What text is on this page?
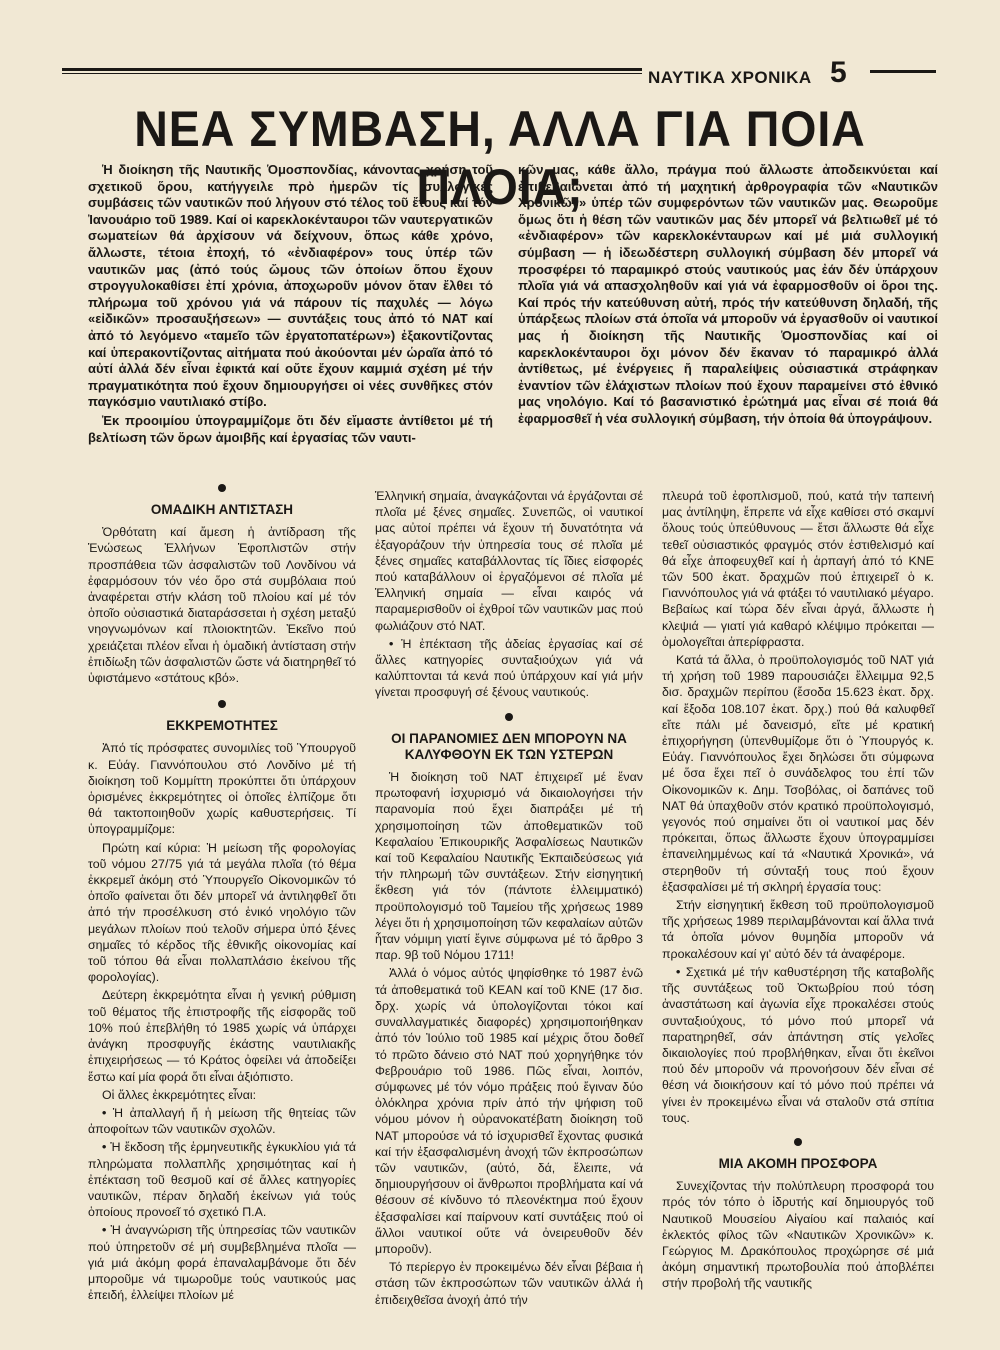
ΝΑΥΤΙΚΑ ΧΡΟΝΙΚΑ 5
ΝΕΑ ΣΥΜΒΑΣΗ, ΑΛΛΑ ΓΙΑ ΠΟΙΑ ΠΛΟΙΑ;

Ἡ διοίκηση τῆς Ναυτικῆς Ὁμοσπονδίας, κάνοντας χρήση τοῦ σχετικοῦ ὅρου, κατήγγειλε πρὸ ἡμερῶν τίς συλλογικές συμβάσεις τῶν ναυτικῶν πού λήγουν στό τέλος τοῦ ἔτους καί τόν Ἰανουάριο τοῦ 1989. Καί οἱ καρεκλοκένταυροι τῶν ναυτεργατικῶν σωματείων θά ἀρχίσουν νά δείχνουν, ὅπως κάθε χρόνο, ἄλλωστε, τέτοια ἐποχή, τό «ἐνδιαφέρον» τους ὑπέρ τῶν ναυτικῶν μας (ἀπό τούς ὤμους τῶν ὁποίων ὅπου ἔχουν στρογγυλοκαθίσει ἐπί χρόνια, ἀποχωροῦν μόνον ὅταν ἔλθει τό πλήρωμα τοῦ χρόνου γιά νά πάρουν τίς παχυλές — λόγω «εἰδικῶν» προσαυξήσεων» — συντάξεις τους ἀπό τό ΝΑΤ καί ἀπό τό λεγόμενο «ταμεῖο τῶν ἐργατοπατέρων») ἐξακοντίζοντας καί ὑπερακοντίζοντας αἰτήματα πού ἀκούονται μέν ὡραῖα ἀπό τό αὐτί ἀλλά δέν εἶναι ἐφικτά καί οὔτε ἔχουν καμμιά σχέση μέ τήν πραγματικότητα πού ἔχουν δημιουργήσει οἱ νέες συνθῆκες στόν παγκόσμιο ναυτιλιακό στίβο.

Ἐκ προοιμίου ὑπογραμμίζομε ὅτι δέν εἴμαστε ἀντίθετοι μέ τή βελτίωση τῶν ὅρων ἀμοιβῆς καί ἐργασίας τῶν ναυτι-

κῶν μας, κάθε ἄλλο, πράγμα πού ἄλλωστε ἀποδεικνύεται καί ἐπιβεβαιώνεται ἀπό τή μαχητική ἀρθρογραφία τῶν «Ναυτικῶν Χρονικῶν» ὑπέρ τῶν συμφερόντων τῶν ναυτικῶν μας. Θεωροῦμε ὅμως ὅτι ἡ θέση τῶν ναυτικῶν μας δέν μπορεῖ νά βελτιωθεῖ μέ τό «ἐνδιαφέρον» τῶν καρεκλοκένταυρων καί μέ μιά συλλογική σύμβαση — ἡ ἰδεωδέστερη συλλογική σύμβαση δέν μπορεῖ νά προσφέρει τό παραμικρό στούς ναυτικούς μας ἐάν δέν ὑπάρχουν πλοῖα γιά νά απασχοληθοῦν καί γιά νά ἐφαρμοσθοῦν οἱ ὅροι της. Καί πρός τήν κατεύθυνση αὐτή, πρός τήν κατεύθυνση δηλαδή, τῆς ὑπάρξεως πλοίων στά ὁποῖα νά μποροῦν νά ἐργασθοῦν οἱ ναυτικοί μας ἡ διοίκηση τῆς Ναυτικῆς Ὁμοσπονδίας καί οἱ καρεκλοκένταυροι ὄχι μόνον δέν ἔκαναν τό παραμικρό ἀλλά ἀντίθετως, μέ ἐνέργειες ἤ παραλείψεις οὐσιαστικά στράφηκαν ἐναντίον τῶν ἐλάχιστων πλοίων πού ἔχουν παραμείνει στό ἐθνικό μας νηολόγιο. Καί τό βασανιστικό ἐρώτημά μας εἶναι σέ ποιά θά ἐφαρμοσθεῖ ἡ νέα συλλογική σύμβαση, τήν ὁποία θά ὑπογράψουν.

ΟΜΑΔΙΚΗ ΑΝΤΙΣΤΑΣΗ

Ὀρθότατη καί ἄμεση ἡ ἀντίδραση τῆς Ἑνώσεως Ἑλλήνων Ἐφοπλιστῶν στήν προσπάθεια τῶν ἀσφαλιστῶν τοῦ Λονδίνου νά ἐφαρμόσουν τόν νέο ὅρο στά συμβόλαια πού ἀναφέρεται στήν κλάση τοῦ πλοίου καί μέ τόν ὁποῖο οὐσιαστικά διαταράσσεται ἡ σχέση μεταξύ νηογνωμόνων καί πλοιοκτητῶν. Ἐκεῖνο πού χρειάζεται πλέον εἶναι ἡ ὁμαδική ἀντίσταση στήν ἐπιδίωξη τῶν ἀσφαλιστῶν ὥστε νά διατηρηθεῖ τό ὑφιστάμενο «στάτους κβό».

ΕΚΚΡΕΜΟΤΗΤΕΣ

Ἀπό τίς πρόσφατες συνομιλίες τοῦ Ὑπουργοῦ κ. Εὐάγ. Γιαννόπουλου στό Λονδίνο μέ τή διοίκηση τοῦ Κομμίττη προκύπτει ὅτι ὑπάρχουν ὁρισμένες ἐκκρεμότητες οἱ ὁποῖες ἐλπίζομε ὅτι θά τακτοποιηθοῦν χωρίς καθυστερήσεις. Τί ὑπογραμμίζομε:

Πρώτη καί κύρια: Ἡ μείωση τῆς φορολογίας τοῦ νόμου 27/75 γιά τά μεγάλα πλοῖα (τό θέμα ἐκκρεμεῖ ἀκόμη στό Ὑπουργεῖο Οἰκονομικῶν τό ὁποῖο φαίνεται ὅτι δέν μπορεῖ νά ἀντιληφθεῖ ὅτι ἀπό τήν προσέλκυση στό ἑνικό νηολόγιο τῶν μεγάλων πλοίων πού τελοῦν σήμερα ὑπό ξένες σημαῖες τό κέρδος τῆς ἐθνικῆς οἰκονομίας καί τοῦ τόπου θά εἶναι πολλαπλάσιο ἐκείνου τῆς φορολογίας).

Δεύτερη ἐκκρεμότητα εἶναι ἡ γενική ρύθμιση τοῦ θέματος τῆς ἐπιστροφῆς τῆς εἰσφορᾶς τοῦ 10% πού ἐπεβλήθη τό 1985 χωρίς νά ὑπάρχει ἀνάγκη προσφυγῆς ἑκάστης ναυτιλιακῆς ἐπιχειρήσεως — τό Κράτος ὀφείλει νά ἀποδείξει ἔστω καί μία φορά ὅτι εἶναι ἀξιόπιστο.

Οἱ ἄλλες ἐκκρεμότητες εἶναι:

• Ἡ ἀπαλλαγή ἤ ἡ μείωση τῆς θητείας τῶν ἀποφοίτων τῶν ναυτικῶν σχολῶν.

• Ἡ ἔκδοση τῆς ἑρμηνευτικῆς ἐγκυκλίου γιά τά πληρώματα πολλαπλῆς χρησιμότητας καί ἡ ἐπέκταση τοῦ θεσμοῦ καί σέ ἄλλες κατηγορίες ναυτικῶν, πέραν δηλαδή ἐκείνων γιά τούς ὁποίους προνοεῖ τό σχετικό Π.Α.

• Ἡ ἀναγνώριση τῆς ὑπηρεσίας τῶν ναυτικῶν πού ὑπηρετοῦν σέ μή συμβεβλημένα πλοῖα — γιά μιά ἀκόμη φορά ἐπαναλαμβάνομε ὅτι δέν μποροῦμε νά τιμωροῦμε τούς ναυτικούς μας ἐπειδή, ἐλλείψει πλοίων μέ

Ἑλληνική σημαία, ἀναγκάζονται νά ἐργάζονται σέ πλοῖα μέ ξένες σημαῖες. Συνεπῶς, οἱ ναυτικοί μας αὐτοί πρέπει νά ἔχουν τή δυνατότητα νά ἐξαγοράζουν τήν ὑπηρεσία τους σέ πλοῖα μέ ξένες σημαῖες καταβάλλοντας τίς ἴδιες εἰσφορές πού καταβάλλουν οἱ ἐργαζόμενοι σέ πλοῖα μέ Ἑλληνική σημαία — εἶναι καιρός νά παραμερισθοῦν οἱ ἐχθροί τῶν ναυτικῶν μας πού φωλιάζουν στό ΝΑΤ.

• Ἡ ἐπέκταση τῆς ἀδείας ἐργασίας καί σέ ἄλλες κατηγορίες συνταξιούχων γιά νά καλύπτονται τά κενά πού ὑπάρχουν καί γιά μήν γίνεται προσφυγή σέ ξένους ναυτικούς.

ΟΙ ΠΑΡΑΝΟΜΙΕΣ ΔΕΝ ΜΠΟΡΟΥΝ ΝΑ ΚΑΛΥΦΘΟΥΝ ΕΚ ΤΩΝ ΥΣΤΕΡΩΝ

Ἡ διοίκηση τοῦ ΝΑΤ ἐπιχειρεῖ μέ ἕναν πρωτοφανή ἰσχυρισμό νά δικαιολογήσει τήν παρανομία πού ἔχει διαπράξει μέ τή χρησιμοποίηση τῶν ἀποθεματικῶν τοῦ Κεφαλαίου Ἐπικουρικῆς Ἀσφαλίσεως Ναυτικῶν καί τοῦ Κεφαλαίου Ναυτικῆς Ἐκπαιδεύσεως γιά τήν πληρωμή τῶν συντάξεων. Στήν εἰσηγητική ἔκθεση γιά τόν (πάντοτε ἐλλειμματικό) προϋπολογισμό τοῦ Ταμείου τῆς χρήσεως 1989 λέγει ὅτι ἡ χρησιμοποίηση τῶν κεφαλαίων αὐτῶν ἦταν νόμιμη γιατί ἔγινε σύμφωνα μέ τό ἄρθρο 3 παρ. 9β τοῦ Νόμου 1711!

Ἀλλά ὁ νόμος αὐτός ψηφίσθηκε τό 1987 ἐνῶ τά ἀποθεματικά τοῦ ΚΕΑΝ καί τοῦ ΚΝΕ (17 δισ. δρχ. χωρίς νά ὑπολογίζονται τόκοι καί συναλλαγματικές διαφορές) χρησιμοποιήθηκαν ἀπό τόν Ἰούλιο τοῦ 1985 καί μέχρις ὅτου δοθεῖ τό πρῶτο δάνειο στό ΝΑΤ πού χορηγήθηκε τόν Φεβρουάριο τοῦ 1986. Πῶς εἶναι, λοιπόν, σύμφωνες μέ τόν νόμο πράξεις πού ἔγιναν δύο ὁλόκληρα χρόνια πρίν ἀπό τήν ψήφιση τοῦ νόμου μόνον ἡ οὐρανοκατέβατη διοίκηση τοῦ ΝΑΤ μπορούσε νά τό ἰσχυρισθεῖ ἔχοντας φυσικά καί τήν ἐξασφαλισμένη ἀνοχή τῶν ἐκπροσώπων τῶν ναυτικῶν, (αὐτό, δά, ἔλειπε, νά δημιουργήσουν οἱ ἄνθρωποι προβλήματα καί νά θέσουν σέ κίνδυνο τό πλεονέκτημα πού ἔχουν ἐξασφαλίσει καί παίρνουν κατί συντάξεις πού οἱ ἄλλοι ναυτικοί οὔτε νά ὀνειρευθοῦν δέν μποροῦν).

Τό περίεργο ἐν προκειμένω δέν εἶναι βέβαια ἡ στάση τῶν ἐκπροσώπων τῶν ναυτικῶν ἀλλά ἡ ἐπιδειχθεῖσα ἀνοχή ἀπό τήν

πλευρά τοῦ ἐφοπλισμοῦ, πού, κατά τήν ταπεινή μας ἀντίληψη, ἔπρεπε νά εἶχε καθίσει στό σκαμνί ὅλους τούς ὑπεύθυνους — ἔτσι ἄλλωστε θά εἶχε τεθεῖ οὐσιαστικός φραγμός στόν ἐστιθελισμό καί θά εἶχε ἀποφευχθεῖ καί ἡ ἁρπαγή ἀπό τό ΚΝΕ τῶν 500 ἑκατ. δραχμῶν πού ἐπιχειρεῖ ὁ κ. Γιαννόπουλος γιά νά φτάξει τό ναυτιλιακό μέγαρο. Βεβαίως καί τώρα δέν εἶναι ἀργά, ἄλλωστε ἡ κλεψιά — γιατί γιά καθαρό κλέψιμο πρόκειται — ὁμολογεῖται ἀπερίφραστα.

Κατά τά ἄλλα, ὁ προϋπολογισμός τοῦ ΝΑΤ γιά τή χρήση τοῦ 1989 παρουσιάζει ἔλλειμμα 92,5 δισ. δραχμῶν περίπου (ἔσοδα 15.623 ἑκατ. δρχ. καί ἔξοδα 108.107 ἑκατ. δρχ.) πού θά καλυφθεῖ εἴτε πάλι μέ δανεισμό, εἴτε μέ κρατική ἐπιχορήγηση (ὑπενθυμίζομε ὅτι ὁ Ὑπουργός κ. Εὐάγ. Γιαννόπουλος ἔχει δηλώσει ὅτι σύμφωνα μέ ὅσα ἔχει πεῖ ὁ συνάδελφος του ἐπί τῶν Οἰκονομικῶν κ. Δημ. Τσοβόλας, οἱ δαπάνες τοῦ ΝΑΤ θά ὑπαχθοῦν στόν κρατικό προϋπολογισμό, γεγονός πού σημαίνει ὅτι οἱ ναυτικοί μας δέν πρόκειται, ὅπως ἄλλωστε ἔχουν ὑπογραμμίσει ἐπανειλημμένως καί τά «Ναυτικά Χρονικά», νά στερηθοῦν τή σύνταξή τους πού ἔχουν ἐξασφαλίσει μέ τή σκληρή ἐργασία τους:

Στήν εἰσηγητική ἔκθεση τοῦ προϋπολογισμοῦ τῆς χρήσεως 1989 περιλαμβάνονται καί ἄλλα τινά τά ὁποῖα μόνον θυμηδία μποροῦν νά προκαλέσουν καί γι' αὐτό δέν τά ἀναφέρομε.

• Σχετικά μέ τήν καθυστέρηση τῆς καταβολῆς τῆς συντάξεως τοῦ Ὀκτωβρίου πού τόση ἀναστάτωση καί ἀγωνία εἶχε προκαλέσει στούς συνταξιούχους, τό μόνο πού μπορεῖ νά παρατηρηθεῖ, σάν ἀπάντηση στίς γελοῖες δικαιολογίες πού προβλήθηκαν, εἶναι ὅτι ἐκεῖνοι πού δέν μποροῦν νά προνοήσουν δέν εἶναι σέ θέση νά διοικήσουν καί τό μόνο πού πρέπει νά γίνει ἐν προκειμένω εἶναι νά σταλοῦν στά σπίτια τους.

ΜΙΑ ΑΚΟΜΗ ΠΡΟΣΦΟΡΑ

Συνεχίζοντας τήν πολύπλευρη προσφορά του πρός τόν τόπο ὁ ἱδρυτής καί δημιουργός τοῦ Ναυτικοῦ Μουσείου Αἰγαίου καί παλαιός καί ἐκλεκτός φίλος τῶν «Ναυτικῶν Χρονικῶν» κ. Γεώργιος Μ. Δρακόπουλος προχώρησε σέ μιά ἀκόμη σημαντική πρωτοβουλία πού ἀποβλέπει στήν προβολή τῆς ναυτικῆς
